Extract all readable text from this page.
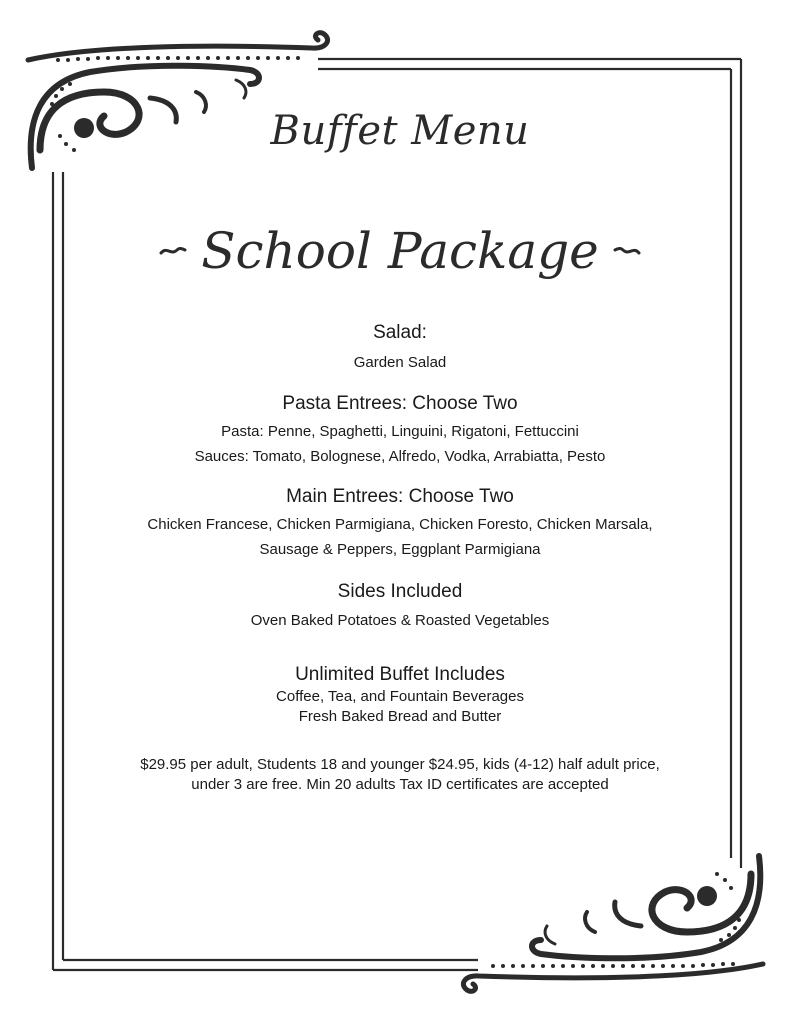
Buffet Menu
School Package
Salad:
Garden Salad
Pasta Entrees: Choose Two
Pasta: Penne, Spaghetti, Linguini, Rigatoni, Fettuccini
Sauces: Tomato, Bolognese, Alfredo, Vodka, Arrabiatta, Pesto
Main Entrees: Choose Two
Chicken Francese, Chicken Parmigiana, Chicken Foresto, Chicken Marsala,
Sausage & Peppers, Eggplant Parmigiana
Sides Included
Oven Baked Potatoes & Roasted Vegetables
Unlimited Buffet Includes
Coffee, Tea, and Fountain Beverages
Fresh Baked Bread and Butter
$29.95 per adult, Students 18 and younger $24.95, kids (4-12) half adult price,
under 3 are free. Min 20 adults Tax ID certificates are accepted
